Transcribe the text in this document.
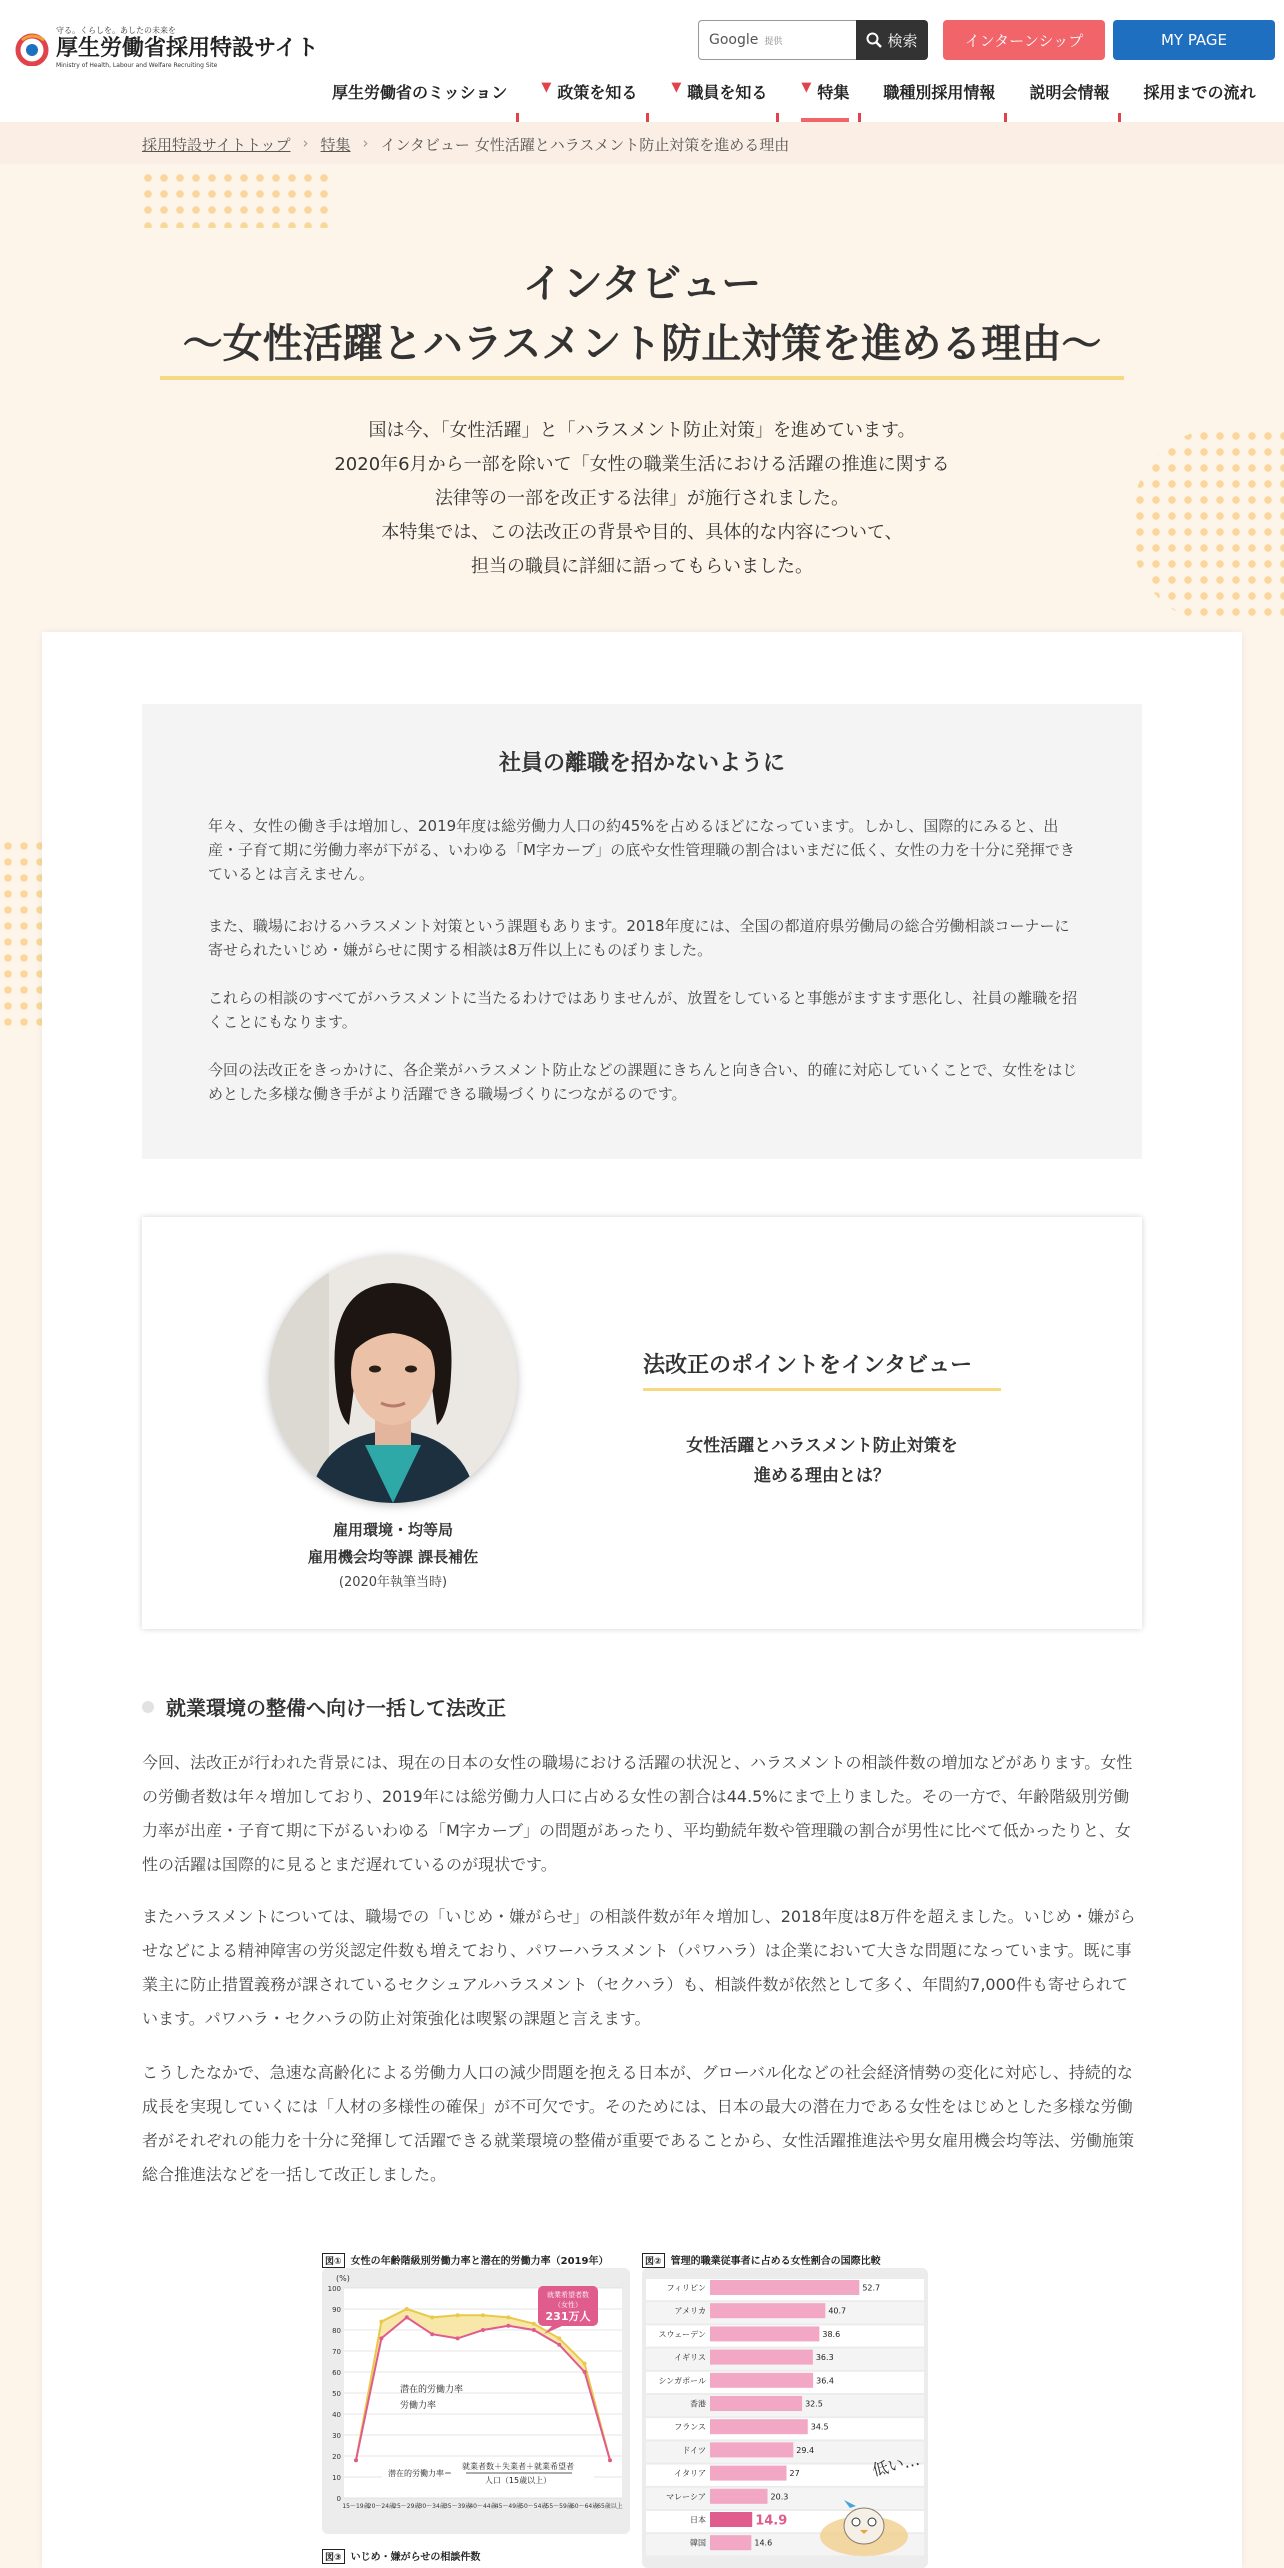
守る。くらしを。あしたの未来を
厚生労働省採用特設サイト
Ministry of Health, Labour and Welfare Recruiting Site
Google 提供	検索	インターンシップ	MY PAGE
厚生労働省のミッション	▼ 政策を知る	▼ 職員を知る	▼ 特集 職種別採用情報 説明会情報 採用までの流れ
採用特設サイトトップ › 特集 › インタビュー 女性活躍とハラスメント防止対策を進める理由
インタビュー
〜女性活躍とハラスメント防止対策を進める理由〜
国は今、「女性活躍」と「ハラスメント防止対策」を進めています。
2020年6月から一部を除いて「女性の職業生活における活躍の推進に関する
法律等の一部を改正する法律」が施行されました。
本特集では、この法改正の背景や目的、具体的な内容について、
担当の職員に詳細に語ってもらいました。
社員の離職を招かないように

年々、女性の働き手は増加し、2019年度は総労働力人口の約45%を占めるほどになっています。しかし、国際的にみると、出産・子育て期に労働力率が下がる、いわゆる「M字カーブ」の底や女性管理職の割合はいまだに低く、女性の力を十分に発揮できているとは言えません。

また、職場におけるハラスメント対策という課題もあります。2018年度には、全国の都道府県労働局の総合労働相談コーナーに寄せられたいじめ・嫌がらせに関する相談は8万件以上にものぼりました。

これらの相談のすべてがハラスメントに当たるわけではありませんが、放置をしていると事態がますます悪化し、社員の離職を招くことにもなります。

今回の法改正をきっかけに、各企業がハラスメント防止などの課題にきちんと向き合い、的確に対応していくことで、女性をはじめとした多様な働き手がより活躍できる職場づくりにつながるのです。

雇用環境・均等局
雇用機会均等課 課長補佐
(2020年執筆当時)
法改正のポイントをインタビュー
女性活躍とハラスメント防止対策を
進める理由とは？
就業環境の整備へ向け一括して法改正

今回、法改正が行われた背景には、現在の日本の女性の職場における活躍の状況と、ハラスメントの相談件数の増加などがあります。女性の労働者数は年々増加しており、2019年には総労働力人口に占める女性の割合は44.5%にまで上りました。その一方で、年齢階級別労働力率が出産・子育て期に下がるいわゆる「M字カーブ」の問題があったり、平均勤続年数や管理職の割合が男性に比べて低かったりと、女性の活躍は国際的に見るとまだ遅れているのが現状です。

またハラスメントについては、職場での「いじめ・嫌がらせ」の相談件数が年々増加し、2018年度は8万件を超えました。いじめ・嫌がらせなどによる精神障害の労災認定件数も増えており、パワーハラスメント（パワハラ）は企業において大きな問題になっています。既に事業主に防止措置義務が課されているセクシュアルハラスメント（セクハラ）も、相談件数が依然として多く、年間約7,000件も寄せられています。パワハラ・セクハラの防止対策強化は喫緊の課題と言えます。

こうしたなかで、急速な高齢化による労働力人口の減少問題を抱える日本が、グローバル化などの社会経済情勢の変化に対応し、持続的な成長を実現していくには「人材の多様性の確保」が不可欠です。そのためには、日本の最大の潜在力である女性をはじめとした多様な労働者がそれぞれの能力を十分に発揮して活躍できる就業環境の整備が重要であることから、女性活躍推進法や男女雇用機会均等法、労働施策総合推進法などを一括して改正しました。

図① 女性の年齢階級別労働力率と潜在的労働力率（2019年）
(%)
0
10
20
30
40
50
60
70
80
90
100
15〜19歳
20〜24歳
25〜29歳
30〜34歳
35〜39歳
40〜44歳
45〜49歳
50〜54歳
55〜59歳
60〜64歳
65歳以上
就業希望者数
（女性）
231万人
潜在的労働力率
労働力率
潜在的労働力率＝
就業者数＋失業者＋就業希望者
人口（15歳以上）
図③ いじめ・嫌がらせの相談件数
図② 管理的職業従事者に占める女性割合の国際比較
フィリピン	52.7
アメリカ	40.7
スウェーデン	38.6
イギリス	36.3
シンガポール	36.4
香港	32.5
フランス	34.5
ドイツ	29.4
イタリア	27
マレーシア	20.3
日本	14.9
韓国	14.6
低い…
